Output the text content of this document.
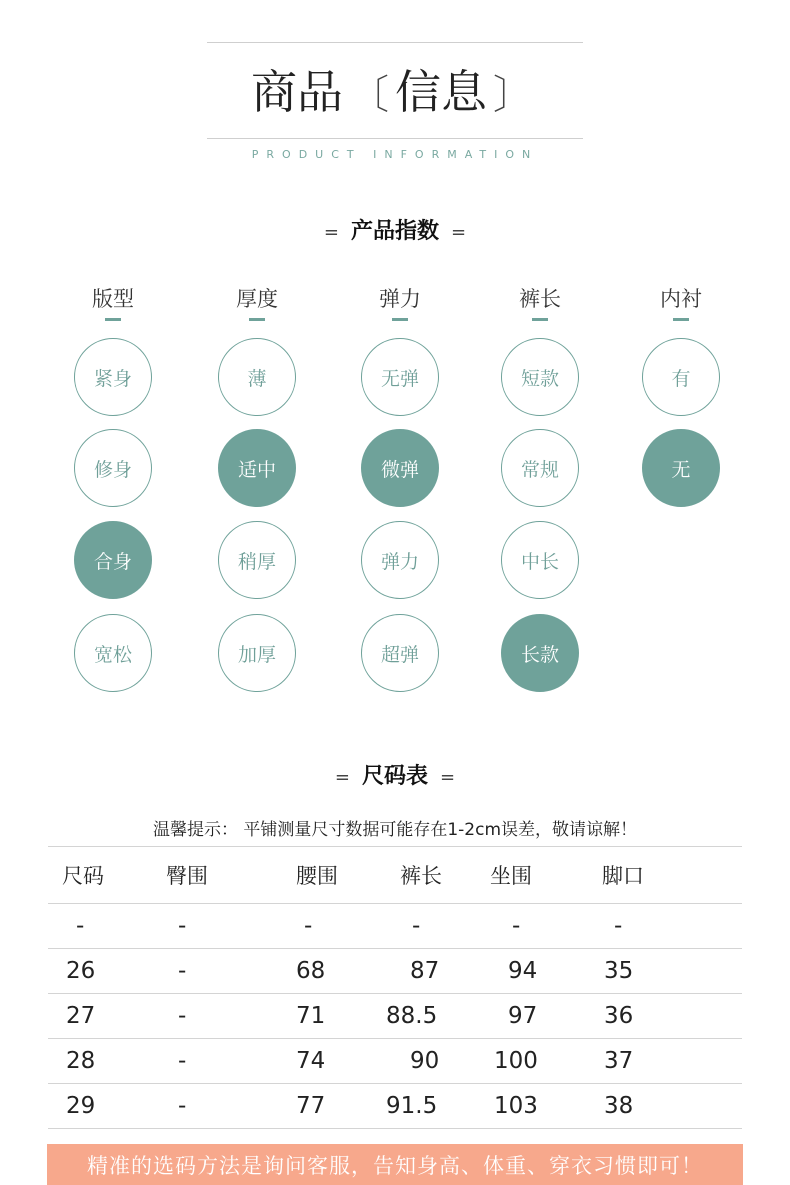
商品 〔 信息 〕
PRODUCT INFORMATION
= 产品指数 =
版型
紧身
修身
合身
宽松
厚度
薄
适中
稍厚
加厚
弹力
无弹
微弹
弹力
超弹
裤长
短款
常规
中长
长款
内衬
有
无
= 尺码表 =
温馨提示： 平铺测量尺寸数据可能存在1-2cm误差，敬请谅解！
尺码	臀围	腰围	裤长	坐围	脚口
-	-	-	-	-	-
26	-	68	87	94	35
27	-	71	88.5	97	36
28	-	74	90	100	37
29	-	77	91.5	103	38
精准的选码方法是询问客服，告知身高、体重、穿衣习惯即可！
